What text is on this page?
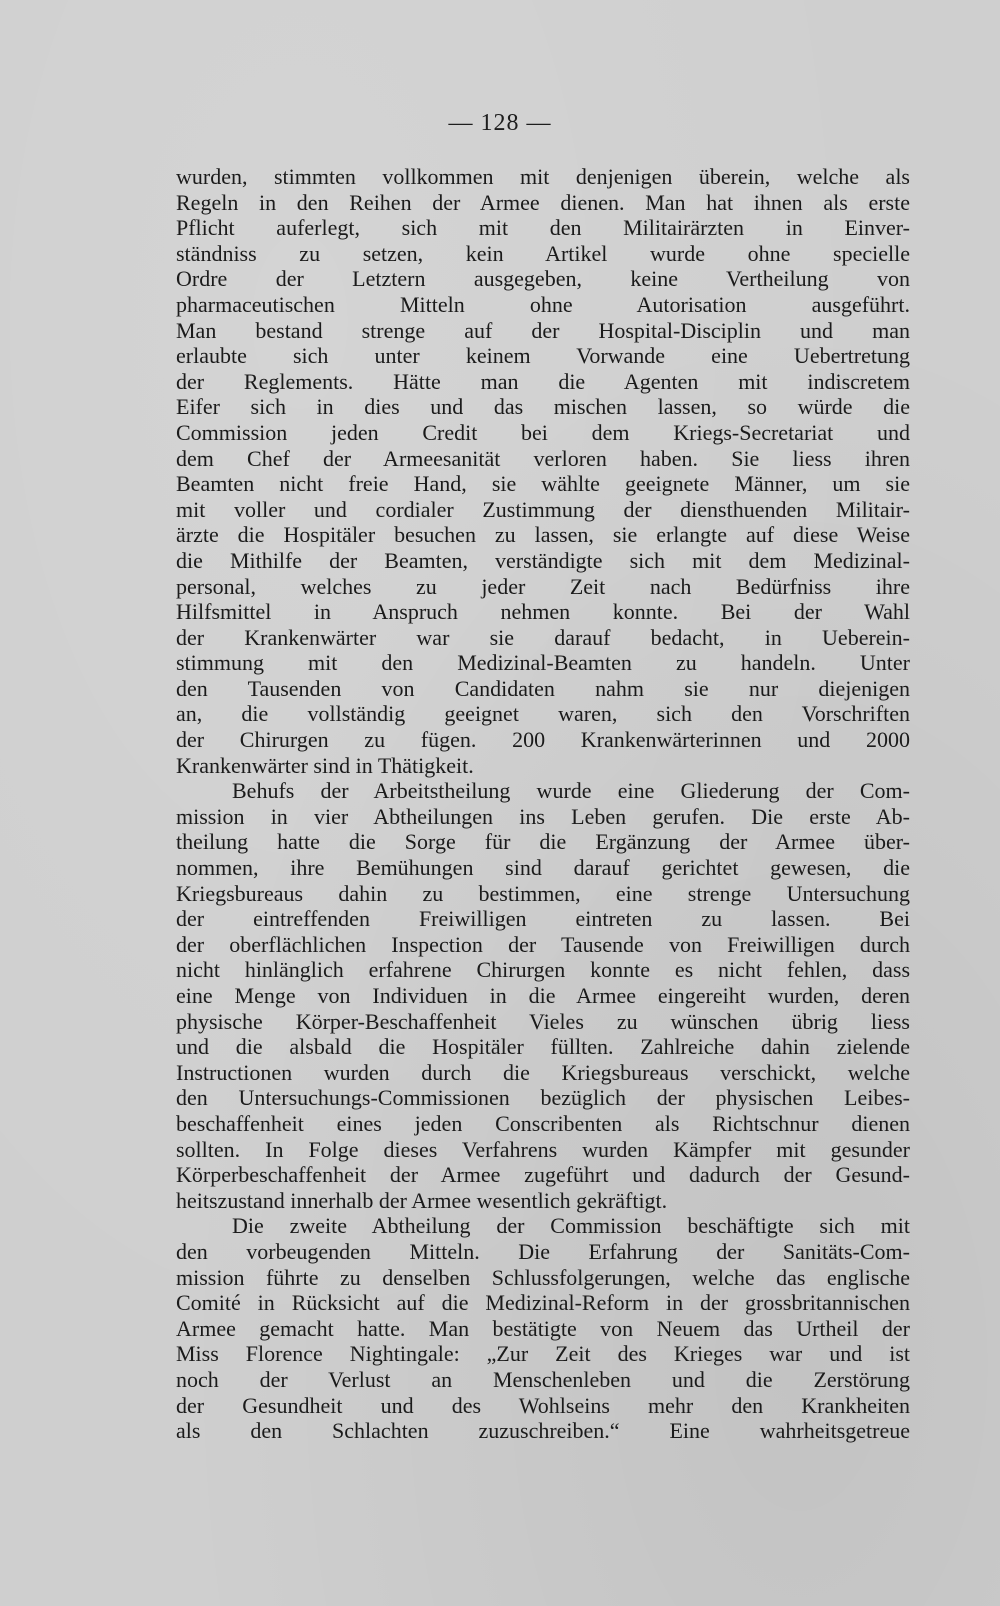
— 128 —
wurden, stimmten vollkommen mit denjenigen überein, welche als
Regeln in den Reihen der Armee dienen. Man hat ihnen als erste
Pflicht auferlegt, sich mit den Militairärzten in Einver-
ständniss zu setzen, kein Artikel wurde ohne specielle
Ordre der Letztern ausgegeben, keine Vertheilung von
pharmaceutischen Mitteln ohne Autorisation ausgeführt.
Man bestand strenge auf der Hospital-Disciplin und man
erlaubte sich unter keinem Vorwande eine Uebertretung
der Reglements. Hätte man die Agenten mit indiscretem
Eifer sich in dies und das mischen lassen, so würde die
Commission jeden Credit bei dem Kriegs-Secretariat und
dem Chef der Armeesanität verloren haben. Sie liess ihren
Beamten nicht freie Hand, sie wählte geeignete Männer, um sie
mit voller und cordialer Zustimmung der diensthuenden Militair-
ärzte die Hospitäler besuchen zu lassen, sie erlangte auf diese Weise
die Mithilfe der Beamten, verständigte sich mit dem Medizinal-
personal, welches zu jeder Zeit nach Bedürfniss ihre
Hilfsmittel in Anspruch nehmen konnte. Bei der Wahl
der Krankenwärter war sie darauf bedacht, in Ueberein-
stimmung mit den Medizinal-Beamten zu handeln. Unter
den Tausenden von Candidaten nahm sie nur diejenigen
an, die vollständig geeignet waren, sich den Vorschriften
der Chirurgen zu fügen. 200 Krankenwärterinnen und 2000
Krankenwärter sind in Thätigkeit.
Behufs der Arbeitstheilung wurde eine Gliederung der Com-
mission in vier Abtheilungen ins Leben gerufen. Die erste Ab-
theilung hatte die Sorge für die Ergänzung der Armee über-
nommen, ihre Bemühungen sind darauf gerichtet gewesen, die
Kriegsbureaus dahin zu bestimmen, eine strenge Untersuchung
der eintreffenden Freiwilligen eintreten zu lassen. Bei
der oberflächlichen Inspection der Tausende von Freiwilligen durch
nicht hinlänglich erfahrene Chirurgen konnte es nicht fehlen, dass
eine Menge von Individuen in die Armee eingereiht wurden, deren
physische Körper-Beschaffenheit Vieles zu wünschen übrig liess
und die alsbald die Hospitäler füllten. Zahlreiche dahin zielende
Instructionen wurden durch die Kriegsbureaus verschickt, welche
den Untersuchungs-Commissionen bezüglich der physischen Leibes-
beschaffenheit eines jeden Conscribenten als Richtschnur dienen
sollten. In Folge dieses Verfahrens wurden Kämpfer mit gesunder
Körperbeschaffenheit der Armee zugeführt und dadurch der Gesund-
heitszustand innerhalb der Armee wesentlich gekräftigt.
Die zweite Abtheilung der Commission beschäftigte sich mit
den vorbeugenden Mitteln. Die Erfahrung der Sanitäts-Com-
mission führte zu denselben Schlussfolgerungen, welche das englische
Comité in Rücksicht auf die Medizinal-Reform in der grossbritannischen
Armee gemacht hatte. Man bestätigte von Neuem das Urtheil der
Miss Florence Nightingale: „Zur Zeit des Krieges war und ist
noch der Verlust an Menschenleben und die Zerstörung
der Gesundheit und des Wohlseins mehr den Krankheiten
als den Schlachten zuzuschreiben.“ Eine wahrheitsgetreue
